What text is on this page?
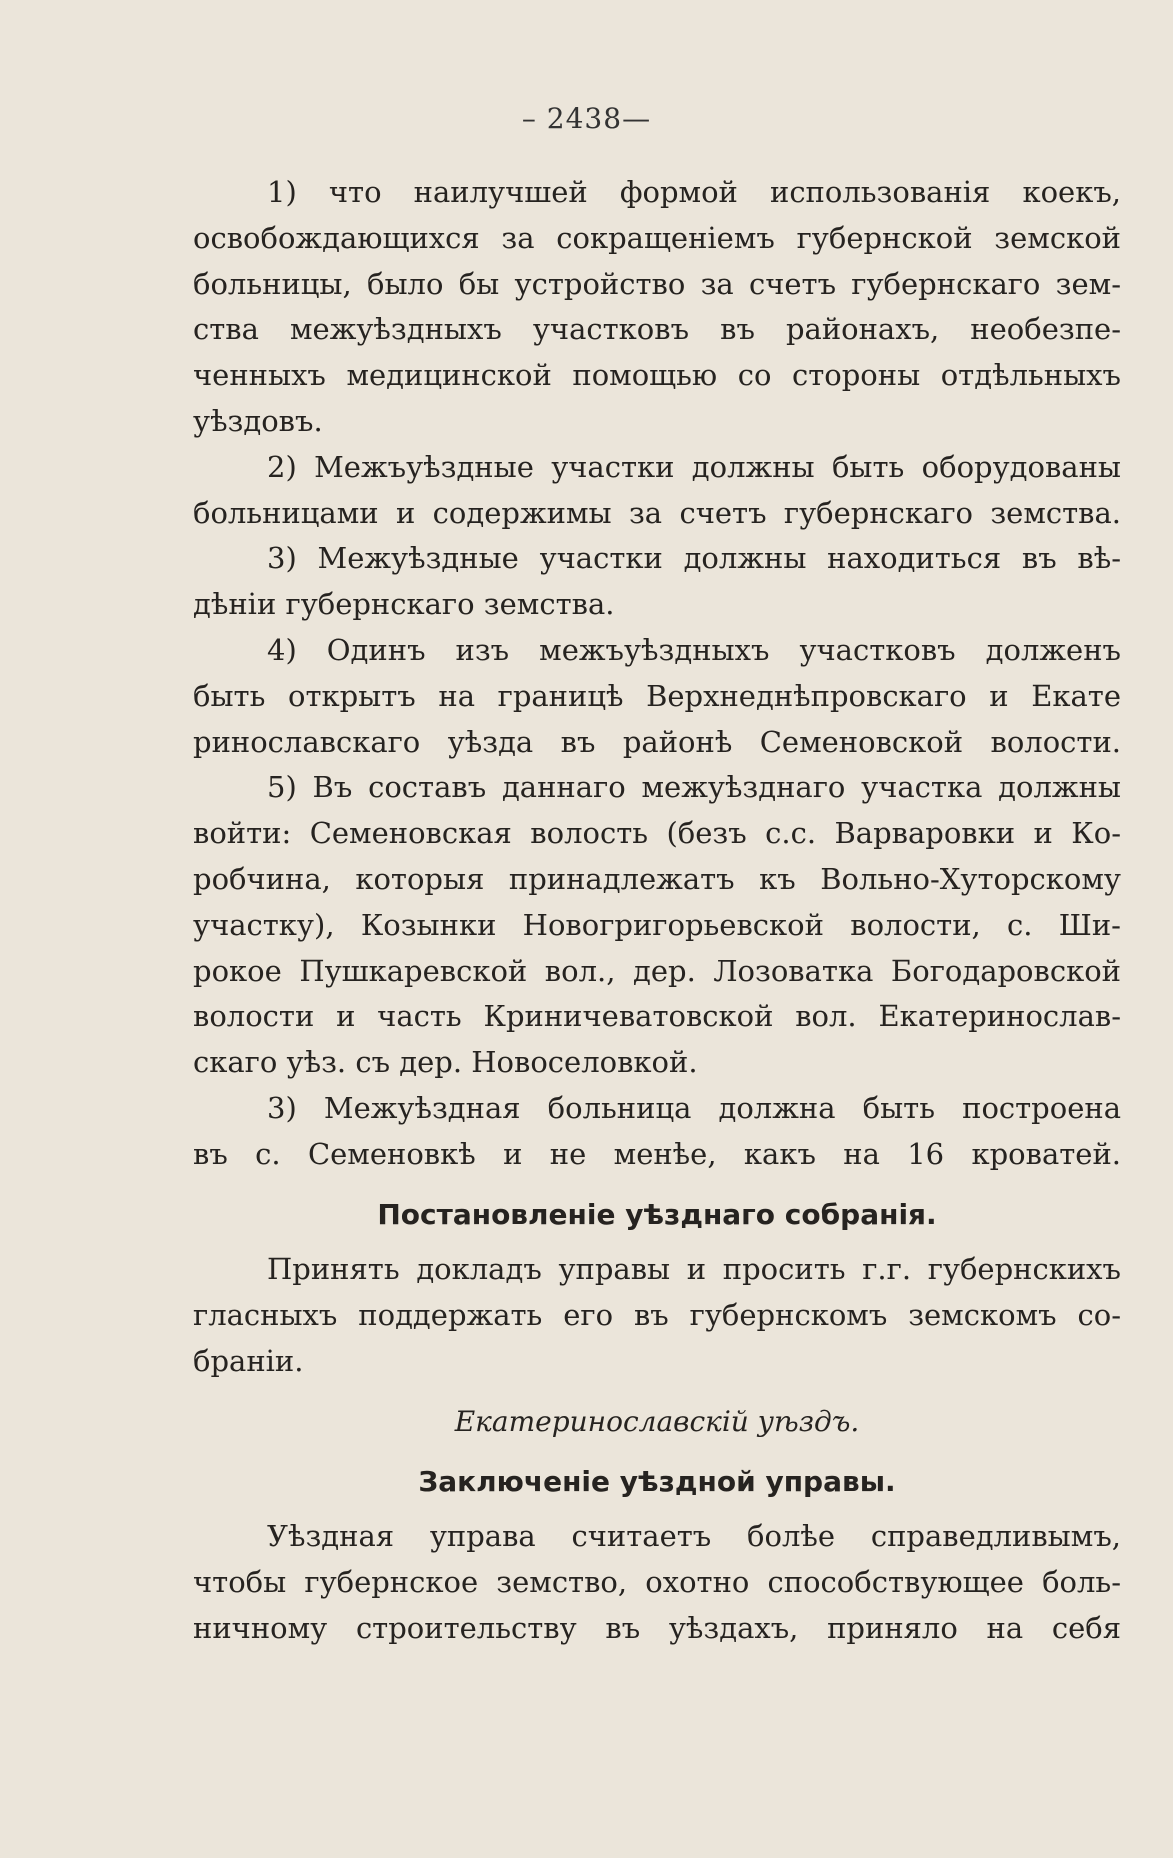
– 2438—
1) что наилучшей формой использованія коекъ,
освобождающихся за сокращеніемъ губернской земской
больницы, было бы устройство за счетъ губернскаго зем-
ства межуѣздныхъ участковъ въ районахъ, необезпе-
ченныхъ медицинской помощью со стороны отдѣльныхъ
уѣздовъ.
2) Межъуѣздные участки должны быть оборудованы
больницами и содержимы за счетъ губернскаго земства.
3) Межуѣздные участки должны находиться въ вѣ-
дѣніи губернскаго земства.
4) Одинъ изъ межъуѣздныхъ участковъ долженъ
быть открытъ на границѣ Верхнеднѣпровскаго и Екате
ринославскаго уѣзда въ районѣ Семеновской волости.
5) Въ составъ даннаго межуѣзднаго участка должны
войти: Семеновская волость (безъ с.с. Варваровки и Ко-
робчина, которыя принадлежатъ къ Вольно-Хуторскому
участку), Козынки Новогригорьевской волости, с. Ши-
рокое Пушкаревской вол., дер. Лозоватка Богодаровской
волости и часть Криничеватовской вол. Екатеринослав-
скаго уѣз. съ дер. Новоселовкой.
3) Межуѣздная больница должна быть построена
въ с. Семеновкѣ и не менѣе, какъ на 16 кроватей.
Постановленіе уѣзднаго собранія.
Принять докладъ управы и просить г.г. губернскихъ
гласныхъ поддержать его въ губернскомъ земскомъ со-
браніи.
Екатеринославскій уѣздъ.
Заключеніе уѣздной управы.
Уѣздная управа считаетъ болѣе справедливымъ,
чтобы губернское земство, охотно способствующее боль-
ничному строительству въ уѣздахъ, приняло на себя
